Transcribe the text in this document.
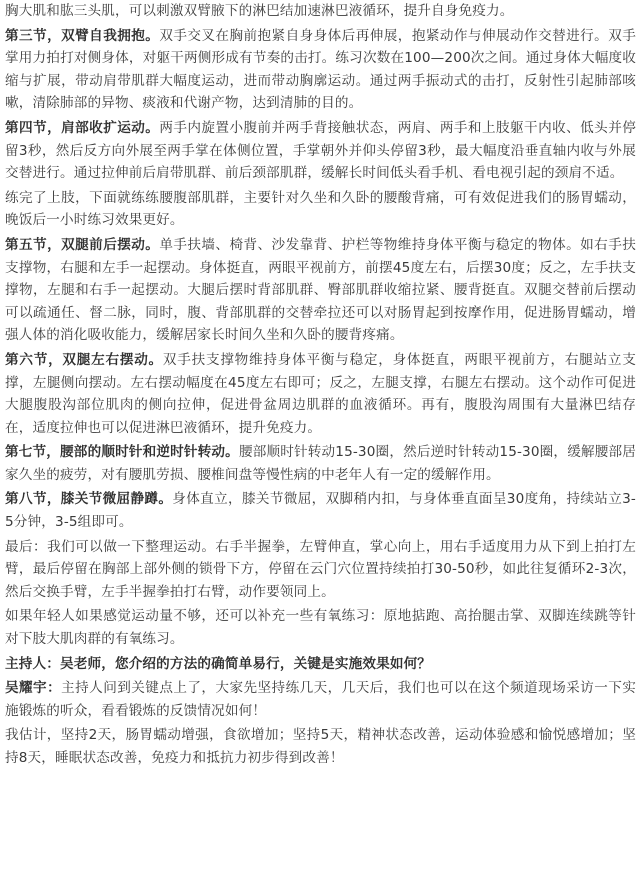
胸大肌和肱三头肌，可以刺激双臂腋下的淋巴结加速淋巴液循环，提升自身免疫力。

第三节，双臂自我拥抱。双手交叉在胸前抱紧自身身体后再伸展，抱紧动作与伸展动作交替进行。双手掌用力拍打对侧身体，对躯干两侧形成有节奏的击打。练习次数在100—200次之间。通过身体大幅度收缩与扩展，带动肩带肌群大幅度运动，进而带动胸廓运动。通过两手振动式的击打，反射性引起肺部咳嗽，清除肺部的异物、痰液和代谢产物，达到清肺的目的。

第四节，肩部收扩运动。两手内旋置小腹前并两手背接触状态，两肩、两手和上肢躯干内收、低头并停留3秒，然后反方向外展至两手掌在体侧位置，手掌朝外并仰头停留3秒，最大幅度沿垂直轴内收与外展交替进行。通过拉伸前后肩带肌群、前后颈部肌群，缓解长时间低头看手机、看电视引起的颈肩不适。

练完了上肢，下面就练练腰腹部肌群，主要针对久坐和久卧的腰酸背痛，可有效促进我们的肠胃蠕动，晚饭后一小时练习效果更好。

第五节，双腿前后摆动。单手扶墙、椅背、沙发靠背、护栏等物维持身体平衡与稳定的物体。如右手扶支撑物，右腿和左手一起摆动。身体挺直，两眼平视前方，前摆45度左右，后摆30度；反之，左手扶支撑物，左腿和右手一起摆动。大腿后摆时背部肌群、臀部肌群收缩拉紧、腰背挺直。双腿交替前后摆动可以疏通任、督二脉，同时，腹、背部肌群的交替牵拉还可以对肠胃起到按摩作用，促进肠胃蠕动，增强人体的消化吸收能力，缓解居家长时间久坐和久卧的腰背疼痛。

第六节，双腿左右摆动。双手扶支撑物维持身体平衡与稳定，身体挺直，两眼平视前方，右腿站立支撑，左腿侧向摆动。左右摆动幅度在45度左右即可；反之，左腿支撑，右腿左右摆动。这个动作可促进大腿腹股沟部位肌肉的侧向拉伸，促进骨盆周边肌群的血液循环。再有，腹股沟周围有大量淋巴结存在，适度拉伸也可以促进淋巴液循环，提升免疫力。

第七节，腰部的顺时针和逆时针转动。腰部顺时针转动15-30圈，然后逆时针转动15-30圈，缓解腰部居家久坐的疲劳，对有腰肌劳损、腰椎间盘等慢性病的中老年人有一定的缓解作用。

第八节，膝关节微屈静蹲。身体直立，膝关节微屈，双脚稍内扣，与身体垂直面呈30度角，持续站立3-5分钟，3-5组即可。

最后：我们可以做一下整理运动。右手半握拳，左臂伸直，掌心向上，用右手适度用力从下到上拍打左臂，最后停留在胸部上部外侧的锁骨下方，停留在云门穴位置持续拍打30-50秒，如此往复循环2-3次，然后交换手臂，左手半握拳拍打右臂，动作要领同上。

如果年轻人如果感觉运动量不够，还可以补充一些有氧练习：原地掂跑、高抬腿击掌、双脚连续跳等针对下肢大肌肉群的有氧练习。

主持人：吴老师，您介绍的方法的确简单易行，关键是实施效果如何？

吴耀宇：主持人问到关键点上了，大家先坚持练几天，几天后，我们也可以在这个频道现场采访一下实施锻炼的听众，看看锻炼的反馈情况如何！

我估计，坚持2天，肠胃蠕动增强，食欲增加；坚持5天，精神状态改善，运动体验感和愉悦感增加；坚持8天，睡眠状态改善，免疫力和抵抗力初步得到改善！
